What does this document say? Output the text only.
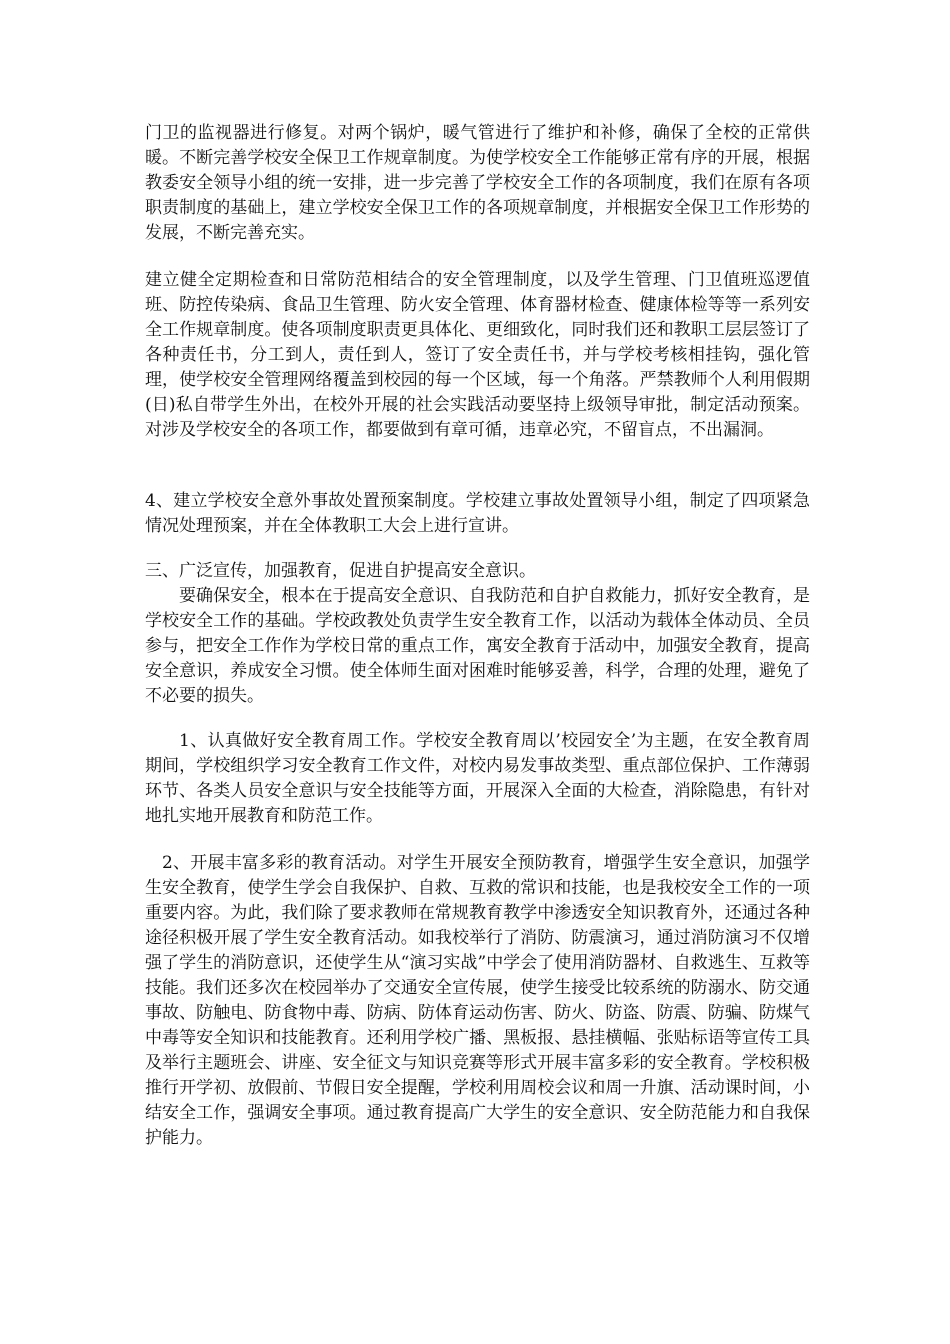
门卫的监视器进行修复。对两个锅炉，暖气管进行了维护和补修，确保了全校的正常供暖。不断完善学校安全保卫工作规章制度。为使学校安全工作能够正常有序的开展，根据教委安全领导小组的统一安排，进一步完善了学校安全工作的各项制度，我们在原有各项职责制度的基础上，建立学校安全保卫工作的各项规章制度，并根据安全保卫工作形势的发展，不断完善充实。

建立健全定期检查和日常防范相结合的安全管理制度，以及学生管理、门卫值班巡逻值班、防控传染病、食品卫生管理、防火安全管理、体育器材检查、健康体检等等一系列安全工作规章制度。使各项制度职责更具体化、更细致化，同时我们还和教职工层层签订了各种责任书，分工到人，责任到人，签订了安全责任书，并与学校考核相挂钩，强化管理，使学校安全管理网络覆盖到校园的每一个区域，每一个角落。严禁教师个人利用假期(日)私自带学生外出，在校外开展的社会实践活动要坚持上级领导审批，制定活动预案。对涉及学校安全的各项工作，都要做到有章可循，违章必究，不留盲点，不出漏洞。

4、建立学校安全意外事故处置预案制度。学校建立事故处置领导小组，制定了四项紧急情况处理预案，并在全体教职工大会上进行宣讲。

三、广泛宣传，加强教育，促进自护提高安全意识。

要确保安全，根本在于提高安全意识、自我防范和自护自救能力，抓好安全教育，是学校安全工作的基础。学校政教处负责学生安全教育工作，以活动为载体全体动员、全员参与，把安全工作作为学校日常的重点工作，寓安全教育于活动中，加强安全教育，提高安全意识，养成安全习惯。使全体师生面对困难时能够妥善，科学，合理的处理，避免了不必要的损失。

1、认真做好安全教育周工作。学校安全教育周以’校园安全’为主题，在安全教育周期间，学校组织学习安全教育工作文件，对校内易发事故类型、重点部位保护、工作薄弱环节、各类人员安全意识与安全技能等方面，开展深入全面的大检查，消除隐患，有针对地扎实地开展教育和防范工作。

2、开展丰富多彩的教育活动。对学生开展安全预防教育，增强学生安全意识，加强学生安全教育，使学生学会自我保护、自救、互救的常识和技能，也是我校安全工作的一项重要内容。为此，我们除了要求教师在常规教育教学中渗透安全知识教育外，还通过各种途径积极开展了学生安全教育活动。如我校举行了消防、防震演习，通过消防演习不仅增强了学生的消防意识，还使学生从“演习实战”中学会了使用消防器材、自救逃生、互救等技能。我们还多次在校园举办了交通安全宣传展，使学生接受比较系统的防溺水、防交通事故、防触电、防食物中毒、防病、防体育运动伤害、防火、防盗、防震、防骗、防煤气中毒等安全知识和技能教育。还利用学校广播、黑板报、悬挂横幅、张贴标语等宣传工具及举行主题班会、讲座、安全征文与知识竞赛等形式开展丰富多彩的安全教育。学校积极推行开学初、放假前、节假日安全提醒，学校利用周校会议和周一升旗、活动课时间，小结安全工作，强调安全事项。通过教育提高广大学生的安全意识、安全防范能力和自我保护能力。
